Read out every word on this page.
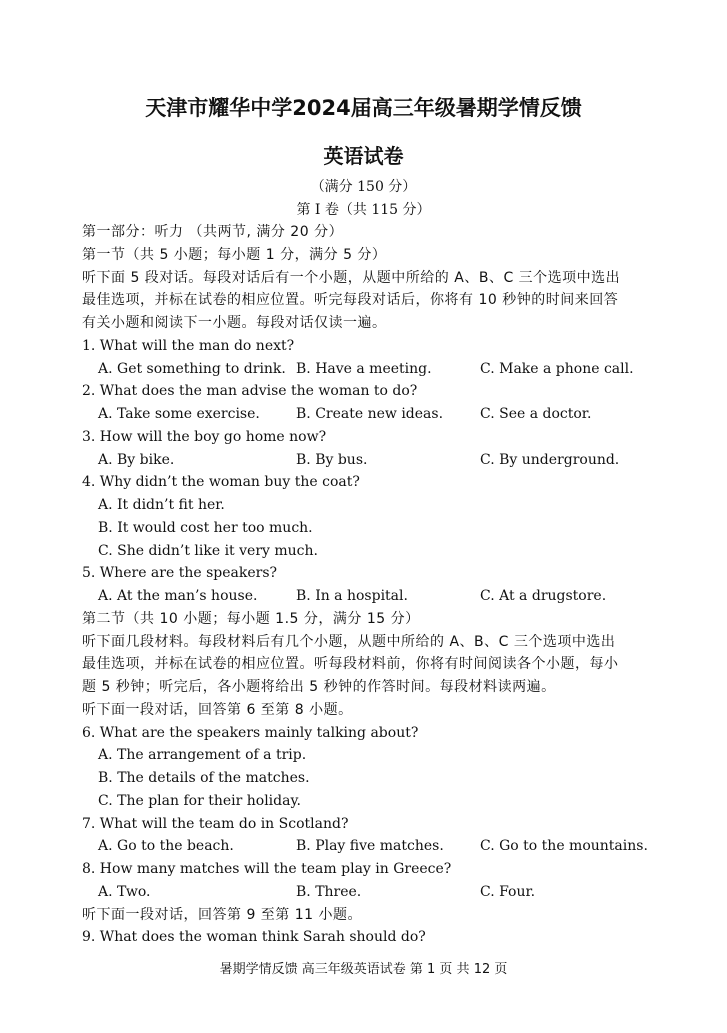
天津市耀华中学2024届高三年级暑期学情反馈
英语试卷
（满分 150 分）
第 I 卷（共 115 分）
第一部分：听力 （共两节, 满分 20 分）
第一节（共 5 小题；每小题 1 分，满分 5 分）
听下面 5 段对话。每段对话后有一个小题，从题中所给的 A、B、C 三个选项中选出
最佳选项，并标在试卷的相应位置。听完每段对话后，你将有 10 秒钟的时间来回答
有关小题和阅读下一小题。每段对话仅读一遍。
1. What will the man do next?
A. Get something to drink. B. Have a meeting.	C. Make a phone call.
2. What does the man advise the woman to do?
A. Take some exercise.	B. Create new ideas.	C. See a doctor.
3. How will the boy go home now?
A. By bike.	B. By bus.	C. By underground.
4. Why didn’t the woman buy the coat?
A. It didn’t fit her.
B. It would cost her too much.
C. She didn’t like it very much.
5. Where are the speakers?
A. At the man’s house.	B. In a hospital.	C. At a drugstore.
第二节（共 10 小题；每小题 1.5 分，满分 15 分）
听下面几段材料。每段材料后有几个小题，从题中所给的 A、B、C 三个选项中选出
最佳选项，并标在试卷的相应位置。听每段材料前，你将有时间阅读各个小题，每小
题 5 秒钟；听完后，各小题将给出 5 秒钟的作答时间。每段材料读两遍。
听下面一段对话，回答第 6 至第 8 小题。
6. What are the speakers mainly talking about?
A. The arrangement of a trip.
B. The details of the matches.
C. The plan for their holiday.
7. What will the team do in Scotland?
A. Go to the beach.	B. Play five matches.	C. Go to the mountains.
8. How many matches will the team play in Greece?
A. Two.	B. Three.	C. Four.
听下面一段对话，回答第 9 至第 11 小题。
9. What does the woman think Sarah should do?
暑期学情反馈 高三年级英语试卷 第 1 页 共 12 页
